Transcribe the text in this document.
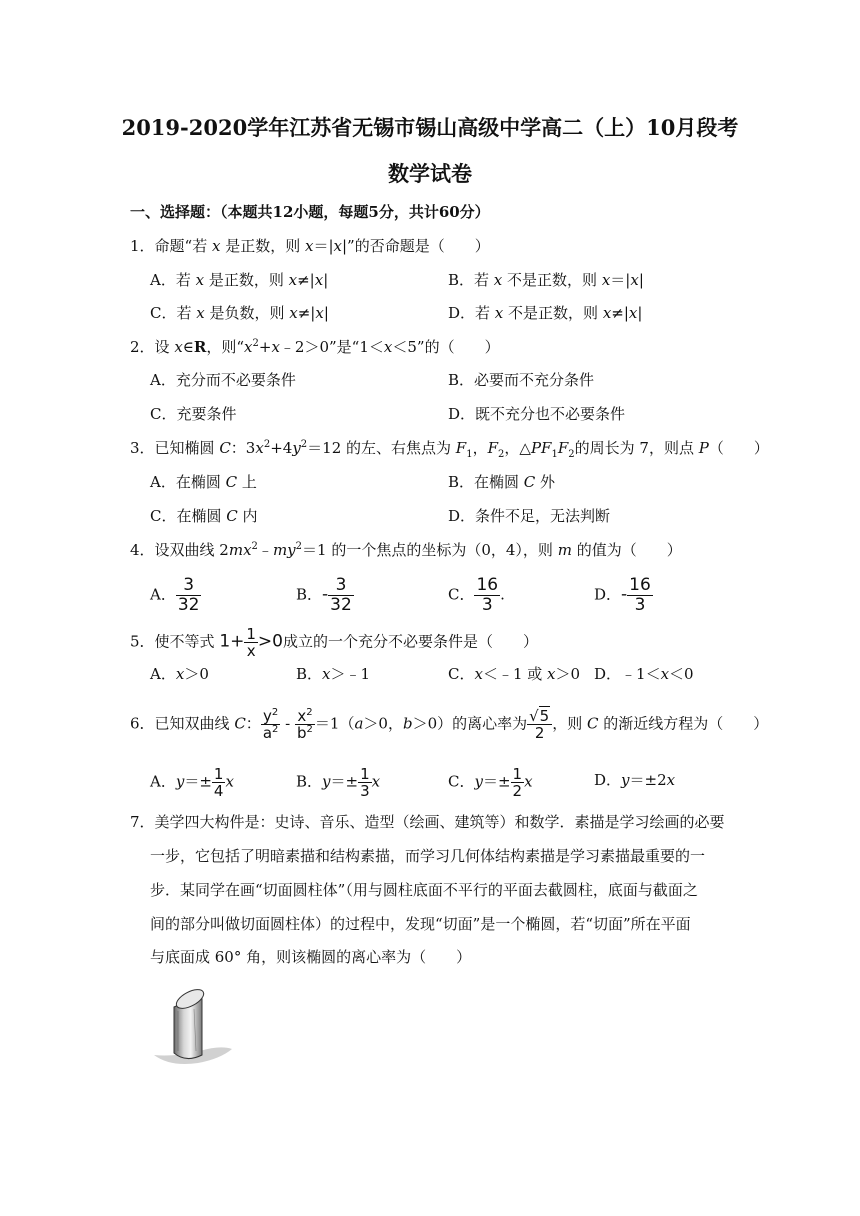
2019-2020学年江苏省无锡市锡山高级中学高二（上）10月段考
数学试卷
一、选择题：（本题共12小题，每题5分，共计60分）
1．命题“若 x 是正数，则 x＝|x|”的否命题是（　　）
A．若 x 是正数，则 x≠|x|	B．若 x 不是正数，则 x＝|x|
C．若 x 是负数，则 x≠|x|	D．若 x 不是正数，则 x≠|x|
2．设 x∈R，则“$x^2+x﹣2>0$”是“1＜x＜5”的（　　）
A．充分而不必要条件	B．必要而不充分条件
C．充要条件	D．既不充分也不必要条件
3．已知椭圆 C：$3x^2+4y^2=12$ 的左、右焦点为 $F_1$，$F_2$，$\triangle PF_1F_2$的周长为 7，则点 P（　　）
A．在椭圆 C 上	B．在椭圆 C 外
C．在椭圆 C 内	D．条件不足，无法判断
4．设双曲线 $2mx^2﹣my^2=1$ 的一个焦点的坐标为（0，4），则 m 的值为（　　）
A． $\frac{3}{32}$	B．- $\frac{3}{32}$	C． $\frac{16}{3}$ .	D．- $\frac{16}{3}$
5．使不等式 $1+ \frac{1}{x} >0$成立的一个充分不必要条件是（　　）
A．x＞0	B．x＞﹣1	C．x＜﹣1 或 x＞0 D．﹣1＜x＜0
6．已知双曲线 C： $\frac{y^2}{a^2} - \frac{x^2}{b^2} =1(a>0$，b＞0）的离心率为 $\frac{√5}{2}$ ，则 C 的渐近线方程为（　　）
A．$y=\pm \frac{1}{4}$ x	B．$y=\pm \frac{1}{3}$ x	C．$y=\pm \frac{1}{2}$ x	D．y＝±2x
7．美学四大构件是：史诗、音乐、造型（绘画、建筑等）和数学．素描是学习绘画的必要
一步，它包括了明暗素描和结构素描，而学习几何体结构素描是学习素描最重要的一
步．某同学在画“切面圆柱体”（用与圆柱底面不平行的平面去截圆柱，底面与截面之
间的部分叫做切面圆柱体）的过程中，发现“切面”是一个椭圆，若“切面”所在平面
与底面成 60° 角，则该椭圆的离心率为（　　）
